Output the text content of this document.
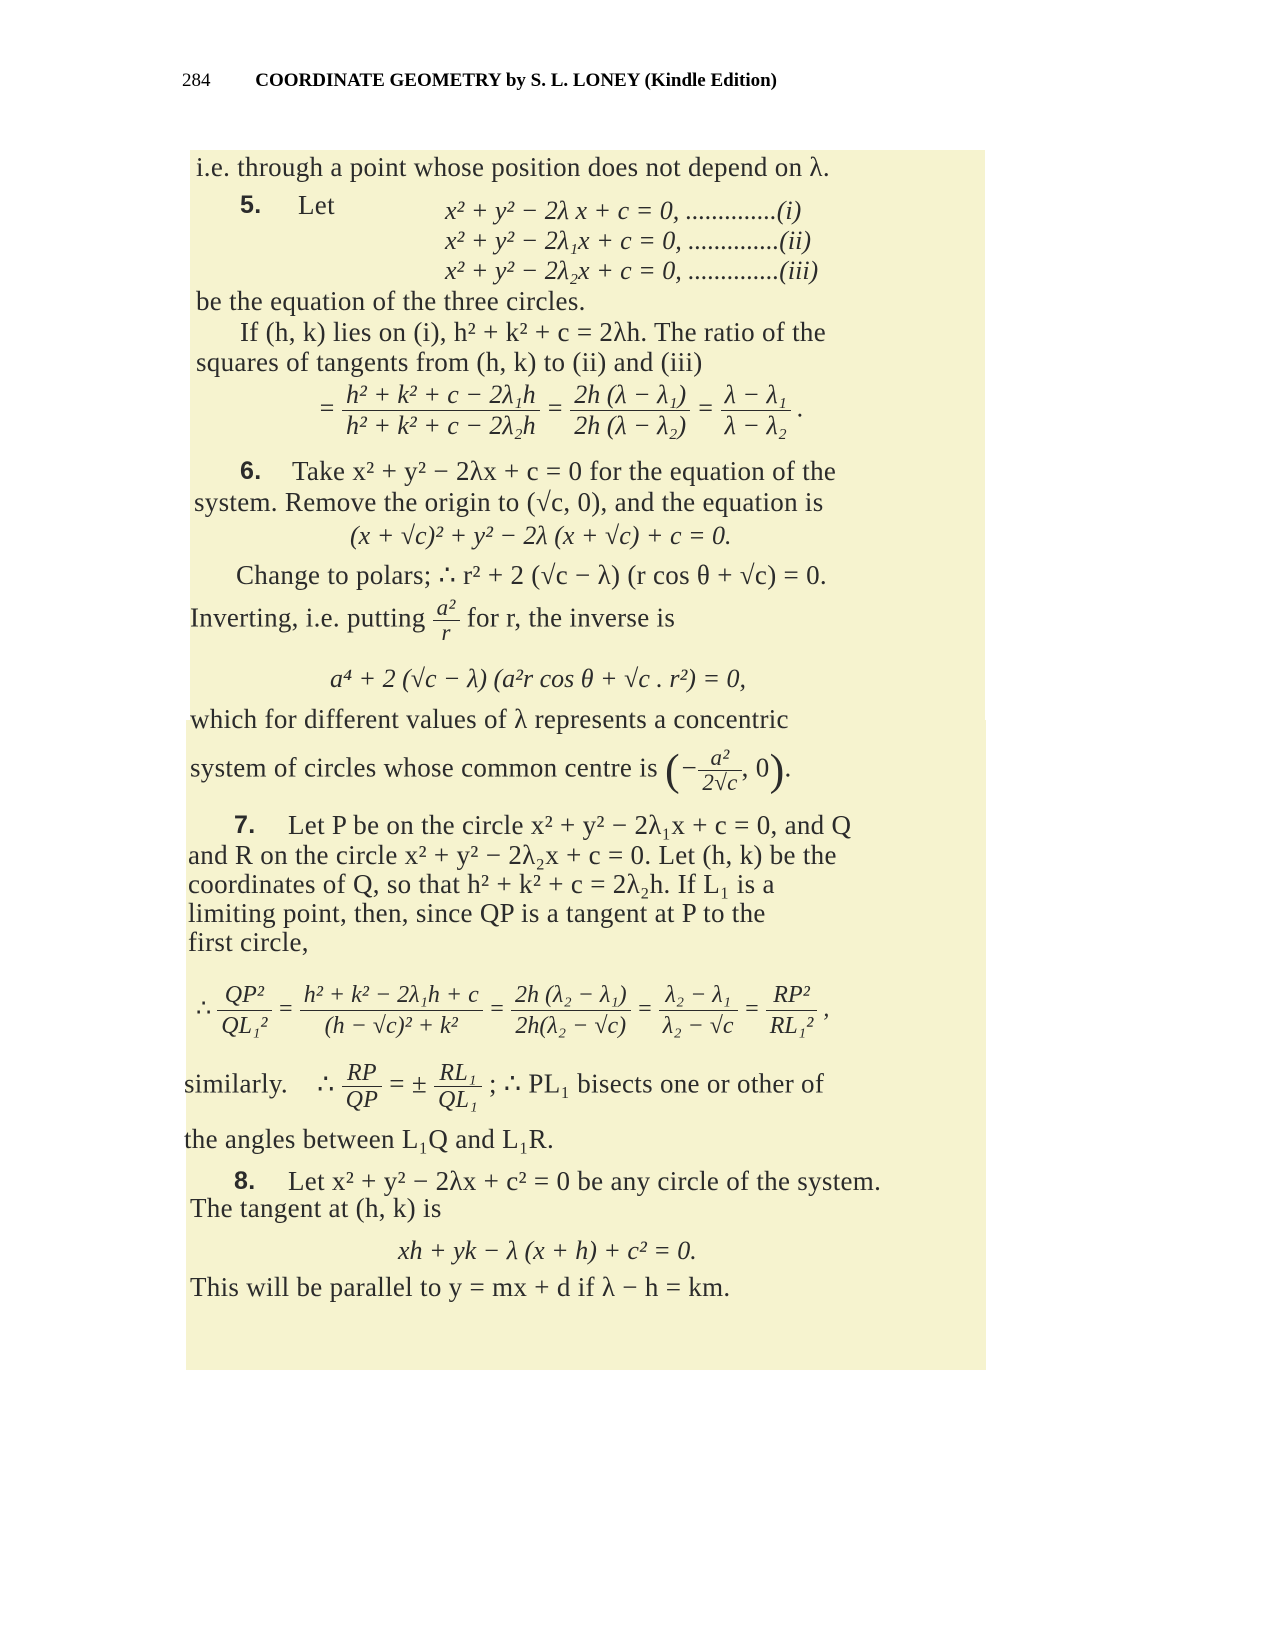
284 COORDINATE GEOMETRY by S. L. LONEY (Kindle Edition)
i.e. through a point whose position does not depend on λ.
5. Let	x² + y² − 2λ x + c = 0, ..............(i)
x² + y² − 2λ₁x + c = 0, ..............(ii)
x² + y² − 2λ₂x + c = 0, ..............(iii)
be the equation of the three circles.
If (h, k) lies on (i), h² + k² + c = 2λh. The ratio of the
squares of tangents from (h, k) to (ii) and (iii)
= $\frac{\text{h² + k² + c − 2λ₁h}}{\text{h² + k² + c − 2λ₂h}} = \frac{\text{2h (λ − λ₁)}}{\text{2h (λ − λ₂)}} = \frac{\text{λ − λ₁}}{\text{λ − λ₂}}$ .
6. Take x² + y² − 2λx + c = 0 for the equation of the
system. Remove the origin to (√c, 0), and the equation is
(x + √c)² + y² − 2λ (x + √c) + c = 0.
Change to polars; ∴ r² + 2 (√c − λ) (r cos θ + √c) = 0.
Inverting, i.e. putting $\frac{\text{a²}}{r}$ for r, the inverse is
a⁴ + 2 (√c − λ) (a²r cos θ + √c . r²) = 0,
which for different values of λ represents a concentric
system of circles whose common centre is (− $\frac{\text{a²}}{2√c}$ , 0).
7. Let P be on the circle x² + y² − 2λ₁x + c = 0, and Q
and R on the circle x² + y² − 2λ₂x + c = 0. Let (h, k) be the
coordinates of Q, so that h² + k² + c = 2λ₂h. If L₁ is a
limiting point, then, since QP is a tangent at P to the
first circle,
∴ $\frac{\text{QP²}}{\text{QL₁²}} = \frac{\text{h² + k² − 2λ₁h + c}}{\text{(h − √c)² + k²}} = \frac{\text{2h (λ₂ − λ₁)}}{\text{2h(λ₂ − √c)}} = \frac{\text{λ₂ − λ₁}}{\text{λ₂ − √c}} = \frac{\text{RP²}}{\text{RL₁²}}$ ,
similarly. ∴ $\frac{RP}{QP}$ = ± $\frac{\text{RL₁}}{\text{QL₁}}$ ; ∴ PL₁ bisects one or other of
the angles between L₁Q and L₁R.
8. Let x² + y² − 2λx + c² = 0 be any circle of the system.
The tangent at (h, k) is
xh + yk − λ (x + h) + c² = 0.
This will be parallel to y = mx + d if λ − h = km.
